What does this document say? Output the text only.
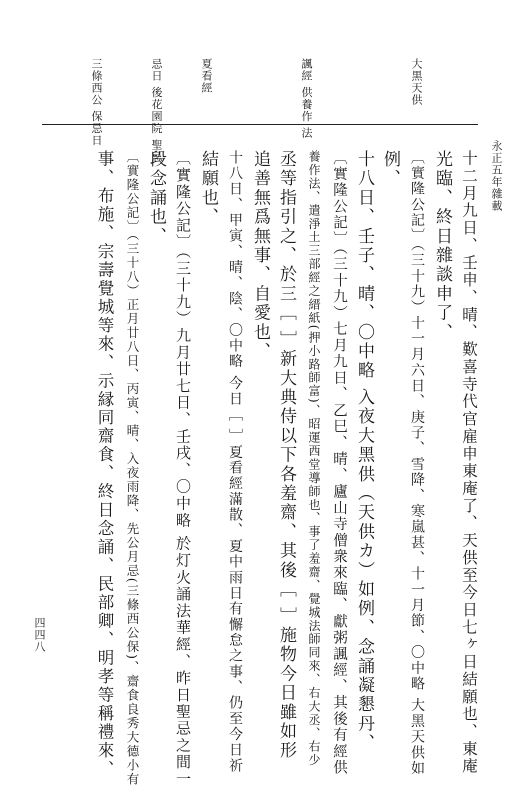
永正五年雜載
四四八
大黒天供
諷經 供養作 法
夏看經
忌日 後花園院 聖忌
三條西公 保忌日
十二月九日、壬申、晴、歎喜寺代官雇申東庵了、天供至今日七ヶ日結願也、東庵
光臨、終日雜談申了、
〔實隆公記〕（三十九）十一月六日、庚子、雪降、寒嵐甚、十一月節、〇中略 大黑天供如
例、
十八日、壬子、晴、〇中略 入夜大黑供（天供カ）如例、念誦凝懇丹、
〔實隆公記〕（三十九）七月九日、乙巳、晴、廬山寺僧衆來臨、獻粥諷經、其後有經供
養作法、遣淨土三部經之縉紙(押小路師富)、昭運西堂導師也、事了羞齋、覺城法師同來、右大丞、右少
丞等指引之、於三［ ］新大典侍以下各羞齋、其後［ ］施物今日雖如形
追善無爲無事、自愛也、
十八日、甲寅、晴、陰、〇中略 今日［ ］夏看經滿散、夏中雨日有懈怠之事、仍至今日祈
結願也、
〔實隆公記〕（三十九）九月廿七日、壬戌、〇中略 於灯火誦法華經、昨日聖忌之間一
段念誦也、
〔實隆公記〕（三十八）正月廿八日、丙寅、晴、入夜雨降、先公月忌(三條西公保)、齋食良秀大德小有
事、布施、宗壽覺城等來、示縁同齋食、終日念誦、民部卿、明孝等稱禮來、
